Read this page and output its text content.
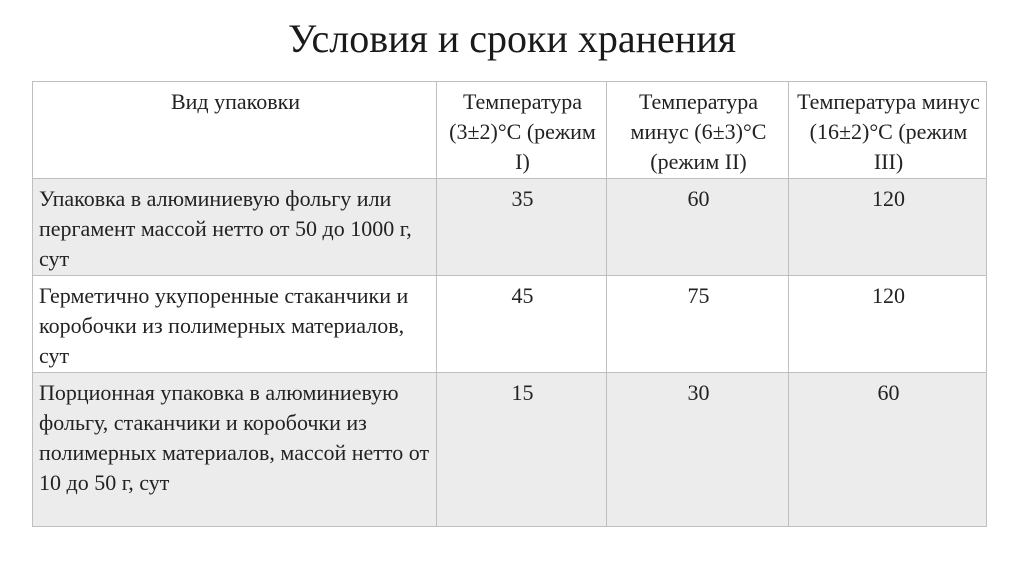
Условия и сроки хранения
Вид упаковки	Температура (3±2)°С (режим I)	Температура минус (6±3)°С (режим II)	Температура минус (16±2)°С (режим III)
Упаковка в алюминиевую фольгу или пергамент массой нетто от 50 до 1000 г, сут	35	60	120
Герметично укупоренные стаканчики и коробочки из полимерных материалов, сут	45	75	120
Порционная упаковка в алюминиевую фольгу, стаканчики и коробочки из полимерных материалов, массой нетто от 10 до 50 г, сут	15	30	60
